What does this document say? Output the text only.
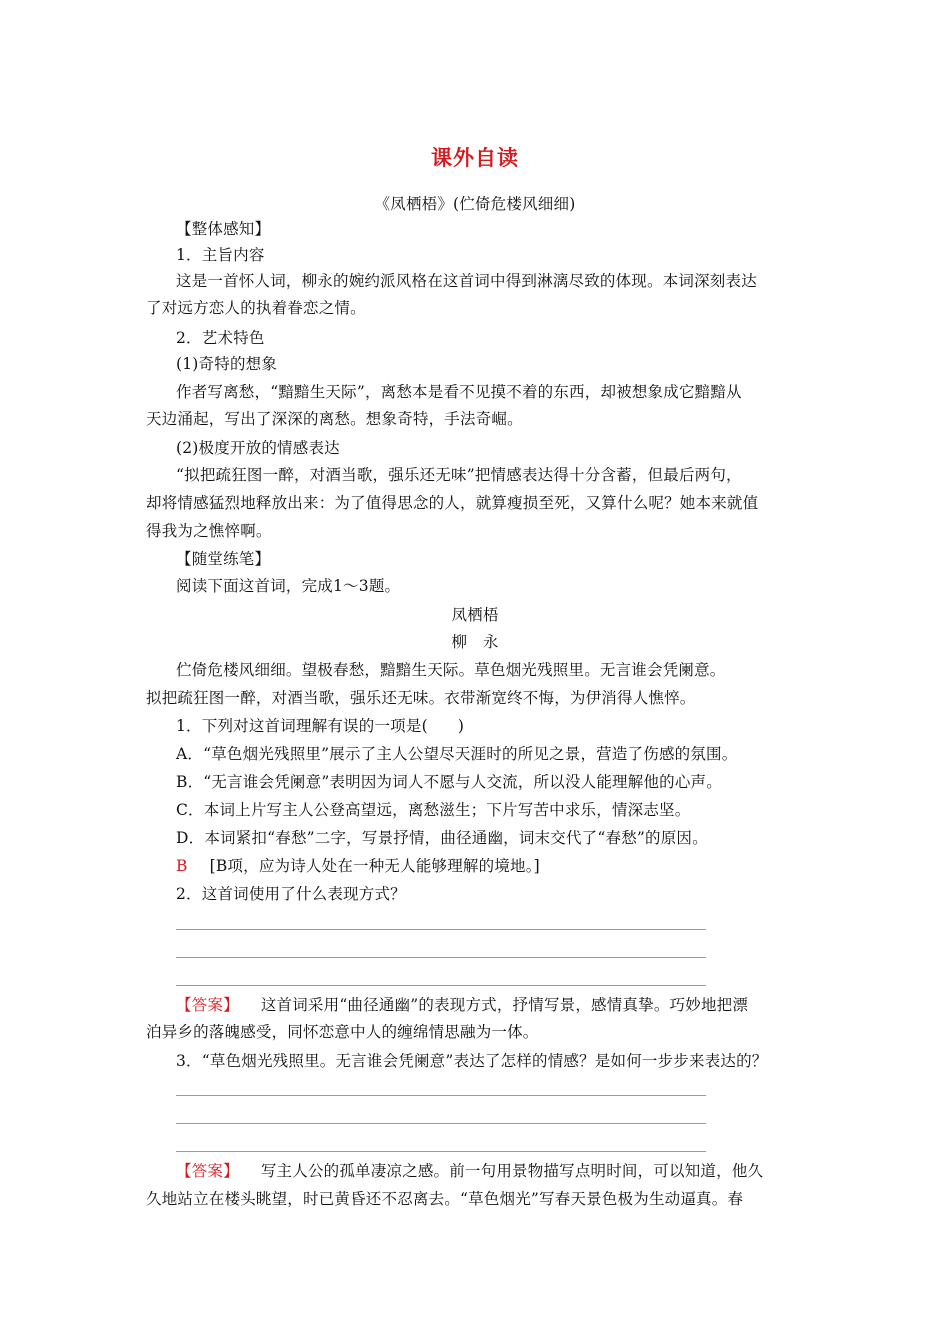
课外自读
《凤栖梧》(伫倚危楼风细细)
【整体感知】
1．主旨内容
这是一首怀人词，柳永的婉约派风格在这首词中得到淋漓尽致的体现。本词深刻表达
了对远方恋人的执着眷恋之情。
2．艺术特色
(1)奇特的想象
作者写离愁，“黯黯生天际”，离愁本是看不见摸不着的东西，却被想象成它黯黯从
天边涌起，写出了深深的离愁。想象奇特，手法奇崛。
(2)极度开放的情感表达
“拟把疏狂图一醉，对酒当歌，强乐还无味”把情感表达得十分含蓄，但最后两句，
却将情感猛烈地释放出来：为了值得思念的人，就算瘦损至死，又算什么呢？她本来就值
得我为之憔悴啊。
【随堂练笔】
阅读下面这首词，完成1～3题。
凤栖梧
柳　永
伫倚危楼风细细。望极春愁，黯黯生天际。草色烟光残照里。无言谁会凭阑意。
拟把疏狂图一醉，对酒当歌，强乐还无味。衣带渐宽终不悔，为伊消得人憔悴。
1．下列对这首词理解有误的一项是( )
A．“草色烟光残照里”展示了主人公望尽天涯时的所见之景，营造了伤感的氛围。
B．“无言谁会凭阑意”表明因为词人不愿与人交流，所以没人能理解他的心声。
C．本词上片写主人公登高望远，离愁滋生；下片写苦中求乐，情深志坚。
D．本词紧扣“春愁”二字，写景抒情，曲径通幽，词末交代了“春愁”的原因。
B [B项，应为诗人处在一种无人能够理解的境地。]
2．这首词使用了什么表现方式？
【答案】 这首词采用“曲径通幽”的表现方式，抒情写景，感情真挚。巧妙地把漂
泊异乡的落魄感受，同怀恋意中人的缠绵情思融为一体。
3．“草色烟光残照里。无言谁会凭阑意”表达了怎样的情感？是如何一步步来表达的？
【答案】 写主人公的孤单凄凉之感。前一句用景物描写点明时间，可以知道，他久
久地站立在楼头眺望，时已黄昏还不忍离去。“草色烟光”写春天景色极为生动逼真。春
